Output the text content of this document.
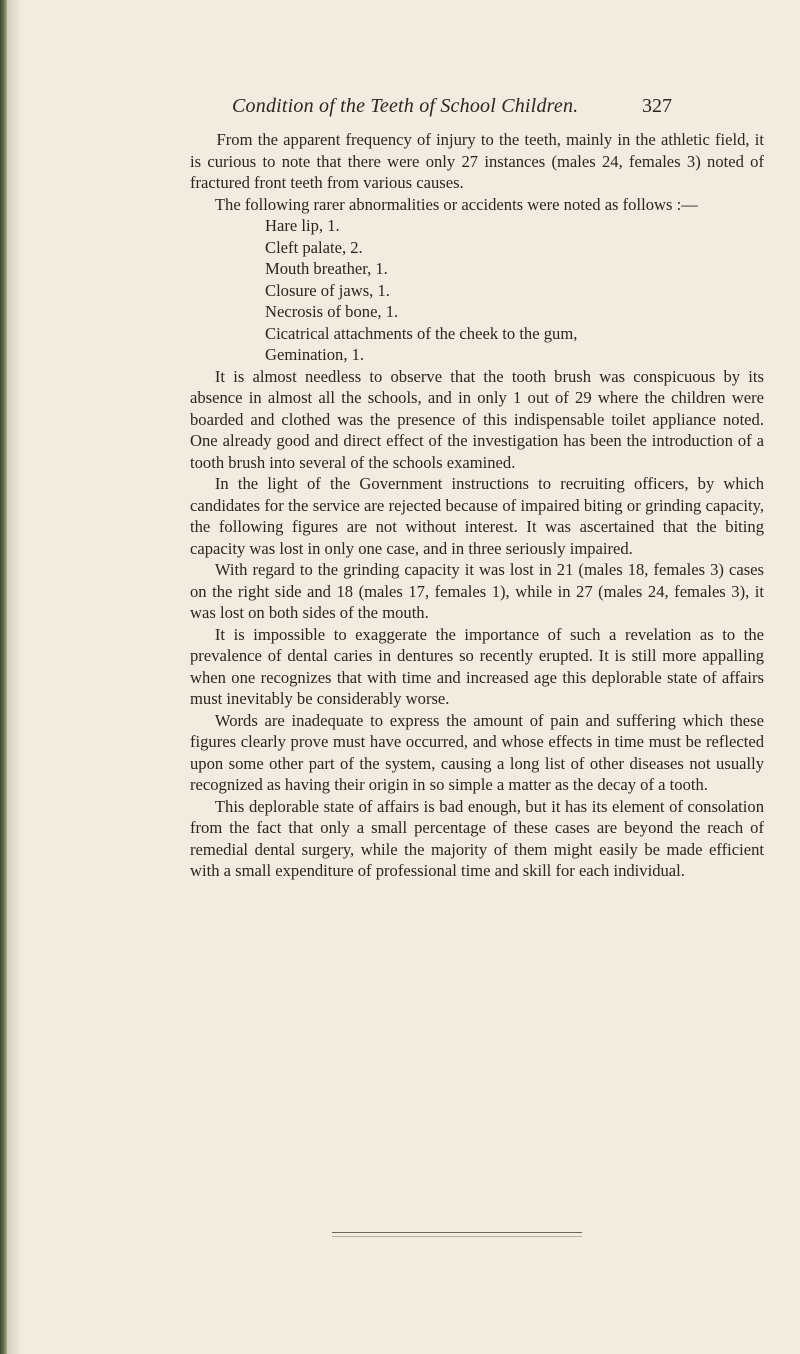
Condition of the Teeth of School Children.	327

From the apparent frequency of injury to the teeth, mainly in the athletic field, it is curious to note that there were only 27 instances (males 24, females 3) noted of fractured front teeth from various causes.

The following rarer abnormalities or accidents were noted as follows :—

Hare lip, 1.
Cleft palate, 2.
Mouth breather, 1.
Closure of jaws, 1.
Necrosis of bone, 1.
Cicatrical attachments of the cheek to the gum,
Gemination, 1.

It is almost needless to observe that the tooth brush was conspicuous by its absence in almost all the schools, and in only 1 out of 29 where the children were boarded and clothed was the presence of this indispensable toilet appliance noted. One already good and direct effect of the investigation has been the introduction of a tooth brush into several of the schools examined.

In the light of the Government instructions to recruiting officers, by which candidates for the service are rejected because of impaired biting or grinding capacity, the following figures are not without interest. It was ascertained that the biting capacity was lost in only one case, and in three seriously impaired.

With regard to the grinding capacity it was lost in 21 (males 18, females 3) cases on the right side and 18 (males 17, females 1), while in 27 (males 24, females 3), it was lost on both sides of the mouth.

It is impossible to exaggerate the importance of such a revelation as to the prevalence of dental caries in dentures so recently erupted. It is still more appalling when one recognizes that with time and increased age this deplorable state of affairs must inevitably be considerably worse.

Words are inadequate to express the amount of pain and suffering which these figures clearly prove must have occurred, and whose effects in time must be reflected upon some other part of the system, causing a long list of other diseases not usually recognized as having their origin in so simple a matter as the decay of a tooth.

This deplorable state of affairs is bad enough, but it has its element of consolation from the fact that only a small percentage of these cases are beyond the reach of remedial dental surgery, while the majority of them might easily be made efficient with a small expenditure of professional time and skill for each individual.
